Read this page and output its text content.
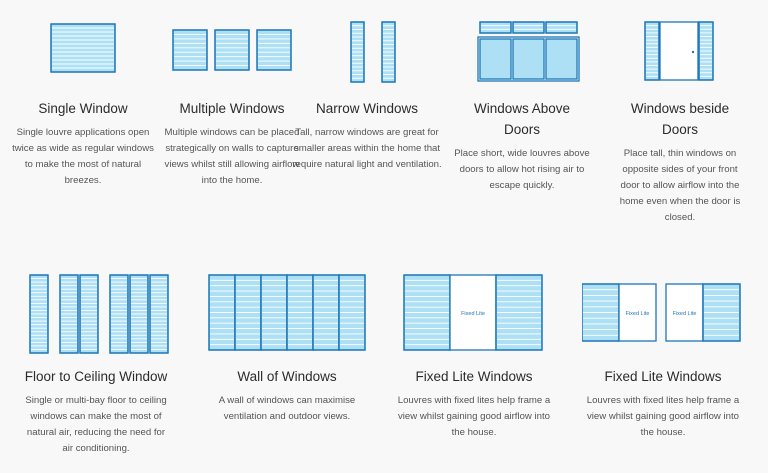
Single Window

Single louvre applications open twice as wide as regular windows to make the most of natural breezes.

Multiple Windows

Multiple windows can be placed strategically on walls to capture views whilst still allowing airflow into the home.

Narrow Windows

Tall, narrow windows are great for smaller areas within the home that require natural light and ventilation.

Windows Above Doors

Place short, wide louvres above doors to allow hot rising air to escape quickly.

Windows beside Doors

Place tall, thin windows on opposite sides of your front door to allow airflow into the home even when the door is closed.

Floor to Ceiling Window

Single or multi-bay floor to ceiling windows can make the most of natural air, reducing the need for air conditioning.

Wall of Windows

A wall of windows can maximise ventilation and outdoor views.

Fixed Lite

Fixed Lite Windows

Louvres with fixed lites help frame a view whilst gaining good airflow into the house.

Fixed Lite	Fixed Lite

Fixed Lite Windows

Louvres with fixed lites help frame a view whilst gaining good airflow into the house.
